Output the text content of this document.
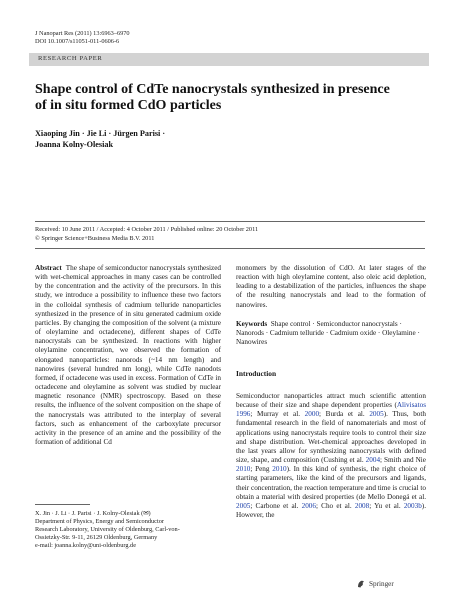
J Nanopart Res (2011) 13:6963–6970
DOI 10.1007/s11051-011-0606-6
RESEARCH PAPER
Shape control of CdTe nanocrystals synthesized in presence
of in situ formed CdO particles
Xiaoping Jin · Jie Li · Jürgen Parisi ·
Joanna Kolny-Olesiak
Received: 10 June 2011 / Accepted: 4 October 2011 / Published online: 20 October 2011
© Springer Science+Business Media B.V. 2011
Abstract The shape of semiconductor nanocrystals synthesized with wet-chemical approaches in many cases can be controlled by the concentration and the activity of the precursors. In this study, we introduce a possibility to influence these two factors in the colloidal synthesis of cadmium telluride nanoparticles synthesized in the presence of in situ generated cadmium oxide particles. By changing the composition of the solvent (a mixture of oleylamine and octadecene), different shapes of CdTe nanocrystals can be synthesized. In reactions with higher oleylamine concentration, we observed the formation of elongated nanoparticles: nanorods (~14 nm length) and nanowires (several hundred nm long), while CdTe nanodots formed, if octadecene was used in excess. Formation of CdTe in octadecene and oleylamine as solvent was studied by nuclear magnetic resonance (NMR) spectroscopy. Based on these results, the influence of the solvent composition on the shape of the nanocrystals was attributed to the interplay of several factors, such as enhancement of the carboxylate precursor activity in the presence of an amine and the possibility of the formation of additional Cd
monomers by the dissolution of CdO. At later stages of the reaction with high oleylamine content, also oleic acid depletion, leading to a destabilization of the particles, influences the shape of the resulting nanocrystals and lead to the formation of nanowires.
Keywords Shape control · Semiconductor nanocrystals · Nanorods · Cadmium telluride · Cadmium oxide · Oleylamine · Nanowires
Introduction
Semiconductor nanoparticles attract much scientific attention because of their size and shape dependent properties (Alivisatos 1996; Murray et al. 2000; Burda et al. 2005). Thus, both fundamental research in the field of nanomaterials and most of applications using nanocrystals require tools to control their size and shape distribution. Wet-chemical approaches developed in the last years allow for synthesizing nanocrystals with defined size, shape, and composition (Cushing et al. 2004; Smith and Nie 2010; Peng 2010). In this kind of synthesis, the right choice of starting parameters, like the kind of the precursors and ligands, their concentration, the reaction temperature and time is crucial to obtain a material with desired properties (de Mello Donegá et al. 2005; Carbone et al. 2006; Cho et al. 2008; Yu et al. 2003b). However, the
X. Jin · J. Li · J. Parisi · J. Kolny-Olesiak (✉)
Department of Physics, Energy and Semiconductor
Research Laboratory, University of Oldenburg, Carl-von-
Ossietzky-Str. 9-11, 26129 Oldenburg, Germany
e-mail: joanna.kolny@uni-oldenburg.de
Springer
